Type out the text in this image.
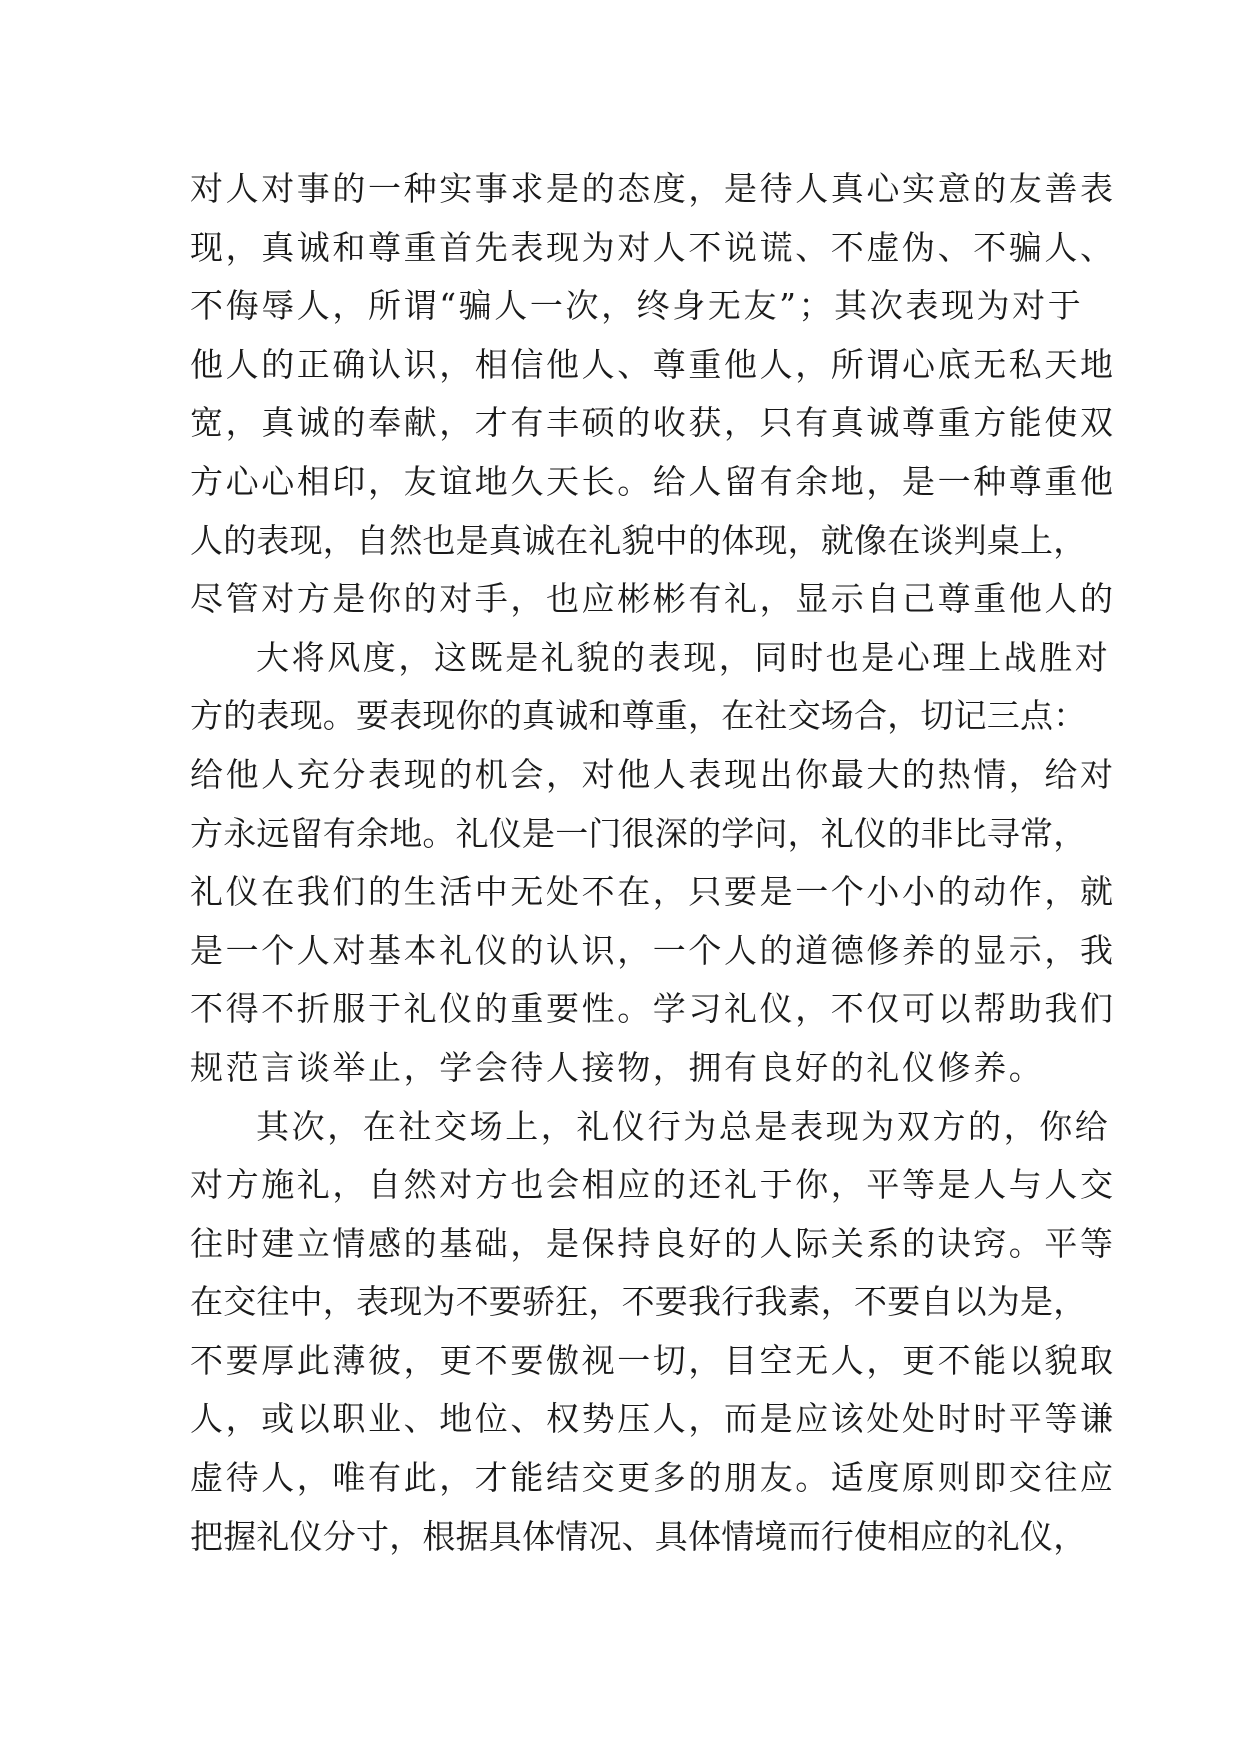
对人对事的一种实事求是的态度，是待人真心实意的友善表
现，真诚和尊重首先表现为对人不说谎、不虚伪、不骗人、
不侮辱人，所谓“骗人一次，终身无友”；其次表现为对于
他人的正确认识，相信他人、尊重他人，所谓心底无私天地
宽，真诚的奉献，才有丰硕的收获，只有真诚尊重方能使双
方心心相印，友谊地久天长。给人留有余地，是一种尊重他
人的表现，自然也是真诚在礼貌中的体现，就像在谈判桌上，
尽管对方是你的对手，也应彬彬有礼，显示自己尊重他人的
大将风度，这既是礼貌的表现，同时也是心理上战胜对
方的表现。要表现你的真诚和尊重，在社交场合，切记三点：
给他人充分表现的机会，对他人表现出你最大的热情，给对
方永远留有余地。礼仪是一门很深的学问，礼仪的非比寻常，
礼仪在我们的生活中无处不在，只要是一个小小的动作，就
是一个人对基本礼仪的认识，一个人的道德修养的显示，我
不得不折服于礼仪的重要性。学习礼仪，不仅可以帮助我们
规范言谈举止，学会待人接物，拥有良好的礼仪修养。
其次，在社交场上，礼仪行为总是表现为双方的，你给
对方施礼，自然对方也会相应的还礼于你，平等是人与人交
往时建立情感的基础，是保持良好的人际关系的诀窍。平等
在交往中，表现为不要骄狂，不要我行我素，不要自以为是，
不要厚此薄彼，更不要傲视一切，目空无人，更不能以貌取
人，或以职业、地位、权势压人，而是应该处处时时平等谦
虚待人，唯有此，才能结交更多的朋友。适度原则即交往应
把握礼仪分寸，根据具体情况、具体情境而行使相应的礼仪，
